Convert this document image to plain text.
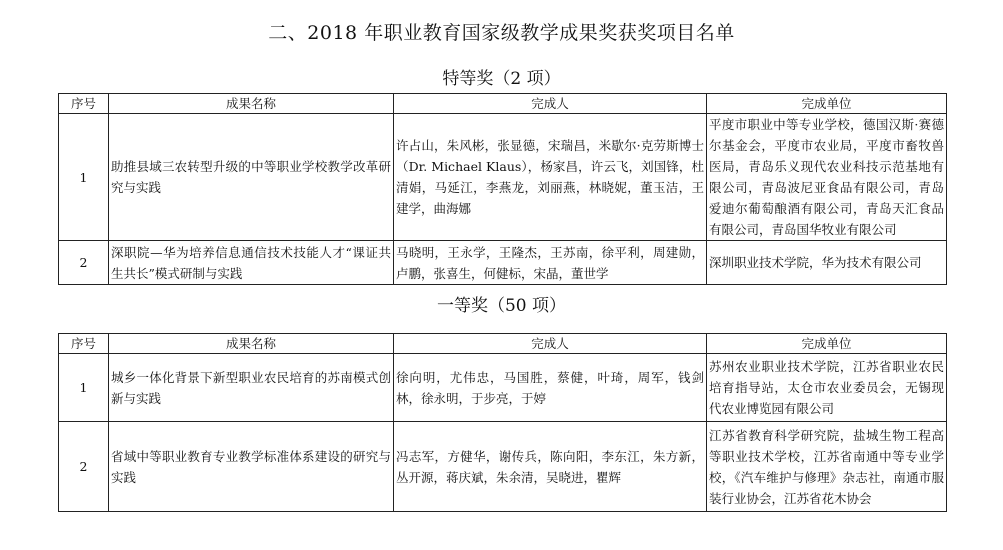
二、2018 年职业教育国家级教学成果奖获奖项目名单
特等奖（2 项）
序号	成果名称	完成人	完成单位
1	助推县域三农转型升级的中等职业学校教学改革研究与实践	许占山，朱风彬，张显德，宋瑞昌，米歇尔·克劳斯博士（Dr. Michael Klaus），杨家昌，许云飞，刘国锋，杜清娟，马延江，李燕龙，刘丽燕，林晓妮，董玉洁，王建学，曲海娜	平度市职业中等专业学校，德国汉斯·赛德尔基金会，平度市农业局，平度市畜牧兽医局，青岛乐义现代农业科技示范基地有限公司，青岛波尼亚食品有限公司，青岛爱迪尔葡萄酿酒有限公司，青岛天汇食品有限公司，青岛国华牧业有限公司
2	深职院—华为培养信息通信技术技能人才“课证共生共长”模式研制与实践	马晓明，王永学，王隆杰，王苏南，徐平利，周建勋，卢鹏，张喜生，何健标，宋晶，董世学	深圳职业技术学院，华为技术有限公司
一等奖（50 项）
序号	成果名称	完成人	完成单位
1	城乡一体化背景下新型职业农民培育的苏南模式创新与实践	徐向明，尤伟忠，马国胜，蔡健，叶琦，周军，钱剑林，徐永明，于步亮，于婷	苏州农业职业技术学院，江苏省职业农民培育指导站，太仓市农业委员会，无锡现代农业博览园有限公司
2	省域中等职业教育专业教学标准体系建设的研究与实践	冯志军，方健华，谢传兵，陈向阳，李东江，朱方新，丛开源，蒋庆斌，朱余清，吴晓进，瞿辉	江苏省教育科学研究院，盐城生物工程高等职业技术学校，江苏省南通中等专业学校，《汽车维护与修理》杂志社，南通市服装行业协会，江苏省花木协会
